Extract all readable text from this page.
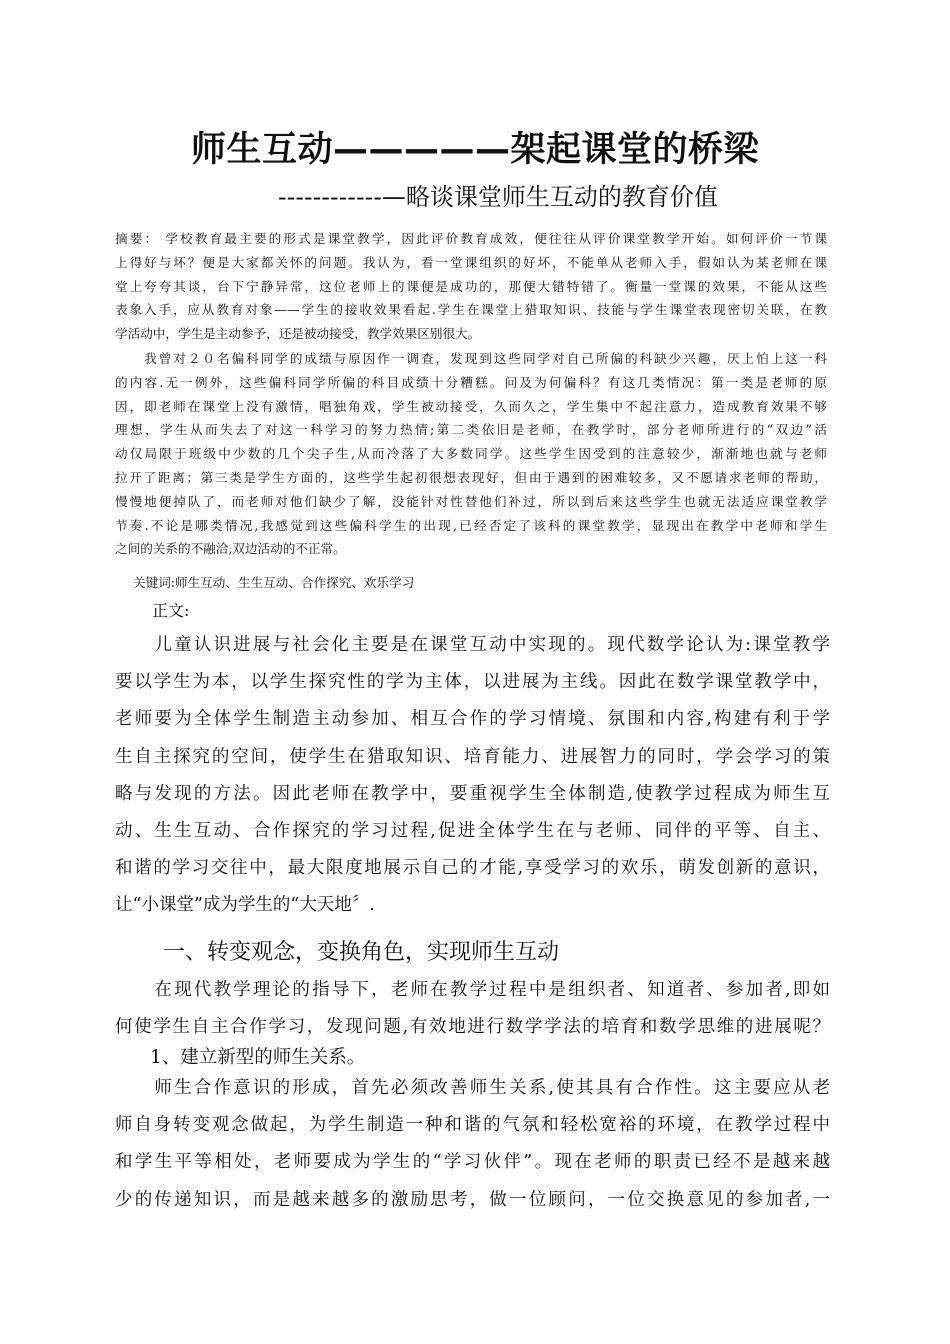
师生互动—————架起课堂的桥梁
------------—略谈课堂师生互动的教育价值

摘要： 学校教育最主要的形式是课堂教学，因此评价教育成效，便往往从评价课堂教学开始。如何评价一节课

上得好与坏？便是大家都关怀的问题。我认为，看一堂课组织的好坏，不能单从老师入手，假如认为某老师在课

堂上夸夸其谈，台下宁静异常，这位老师上的课便是成功的，那便大错特错了。衡量一堂课的效果，不能从这些

表象入手，应从教育对象——学生的接收效果看起.学生在课堂上猎取知识、技能与学生课堂表现密切关联，在教

学活动中，学生是主动参予，还是被动接受，教学效果区别很大。

　　我曾对２０名偏科同学的成绩与原因作一调查，发现到这些同学对自己所偏的科缺少兴趣，厌上怕上这一科

的内容.无一例外，这些偏科同学所偏的科目成绩十分糟糕。问及为何偏科？有这几类情况：第一类是老师的原

因，即老师在课堂上没有激情，唱独角戏，学生被动接受，久而久之，学生集中不起注意力，造成教育效果不够

理想，学生从而失去了对这一科学习的努力热情;第二类依旧是老师，在教学时，部分老师所进行的“双边”活

动仅局限于班级中少数的几个尖子生,从而冷落了大多数同学。这些学生因受到的注意较少，渐渐地也就与老师

拉开了距离；第三类是学生方面的，这些学生起初很想表现好，但由于遇到的困难较多，又不愿请求老师的帮助，

慢慢地便掉队了，而老师对他们缺少了解，没能针对性替他们补过，所以到后来这些学生也就无法适应课堂教学

节奏.不论是哪类情况,我感觉到这些偏科学生的出现,已经否定了该科的课堂教学，显现出在教学中老师和学生

之间的关系的不融洽,双边活动的不正常。

关键词:师生互动、生生互动、合作探究、欢乐学习
正文:

　　儿童认识进展与社会化主要是在课堂互动中实现的。现代数学论认为:课堂教学

要以学生为本，以学生探究性的学为主体，以进展为主线。因此在数学课堂教学中，

老师要为全体学生制造主动参加、相互合作的学习情境、氛围和内容,构建有利于学

生自主探究的空间，使学生在猎取知识、培育能力、进展智力的同时，学会学习的策

略与发现的方法。因此老师在教学中，要重视学生全体制造,使教学过程成为师生互

动、生生互动、合作探究的学习过程,促进全体学生在与老师、同伴的平等、自主、

和谐的学习交往中，最大限度地展示自己的才能,享受学习的欢乐，萌发创新的意识，

让“小课堂”成为学生的“大天地〞.

一、转变观念，变换角色，实现师生互动

　　在现代教学理论的指导下，老师在教学过程中是组织者、知道者、参加者,即如

何使学生自主合作学习，发现问题,有效地进行数学学法的培育和数学思维的进展呢？

1、建立新型的师生关系。

　　师生合作意识的形成，首先必须改善师生关系,使其具有合作性。这主要应从老

师自身转变观念做起，为学生制造一种和谐的气氛和轻松宽裕的环境，在教学过程中

和学生平等相处，老师要成为学生的“学习伙伴”。现在老师的职责已经不是越来越

少的传递知识，而是越来越多的激励思考，做一位顾问，一位交换意见的参加者,一
